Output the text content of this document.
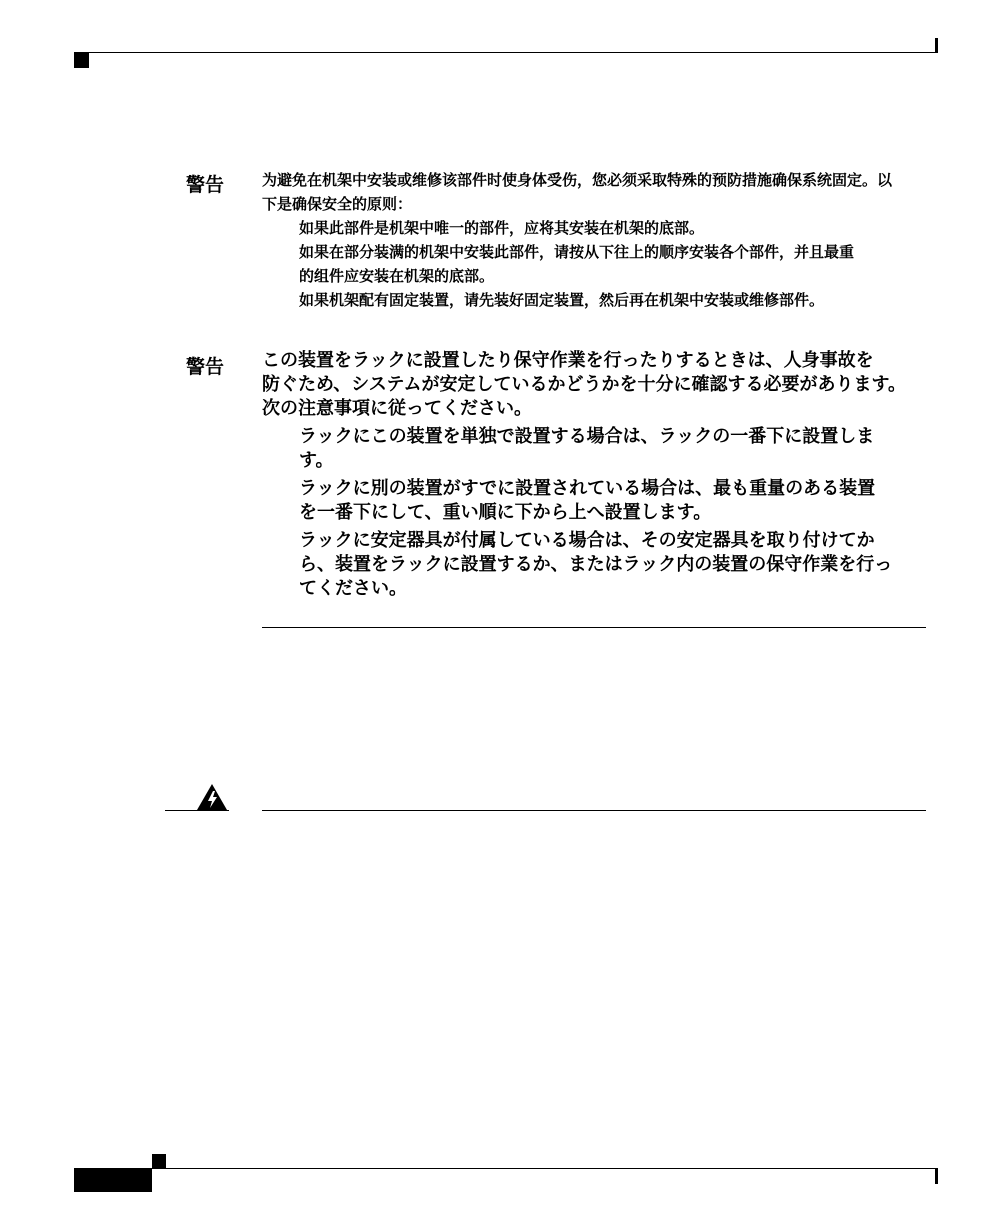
警告	为避免在机架中安装或维修该部件时使身体受伤，您必须采取特殊的预防措施确保系统固定。以

下是确保安全的原则：

如果此部件是机架中唯一的部件，应将其安装在机架的底部。

如果在部分装满的机架中安装此部件，请按从下往上的顺序安装各个部件，并且最重

的组件应安装在机架的底部。

如果机架配有固定装置，请先装好固定装置，然后再在机架中安装或维修部件。

警告 この装置をラックに設置したり保守作業を行ったりするときは、人身事故を

防ぐため、システムが安定しているかどうかを十分に確認する必要があります。

次の注意事項に従ってください。

ラックにこの装置を単独で設置する場合は、ラックの一番下に設置しま

す。

ラックに別の装置がすでに設置されている場合は、最も重量のある装置

を一番下にして、重い順に下から上へ設置します。

ラックに安定器具が付属している場合は、その安定器具を取り付けてか

ら、装置をラックに設置するか、またはラック内の装置の保守作業を行っ

てください。
